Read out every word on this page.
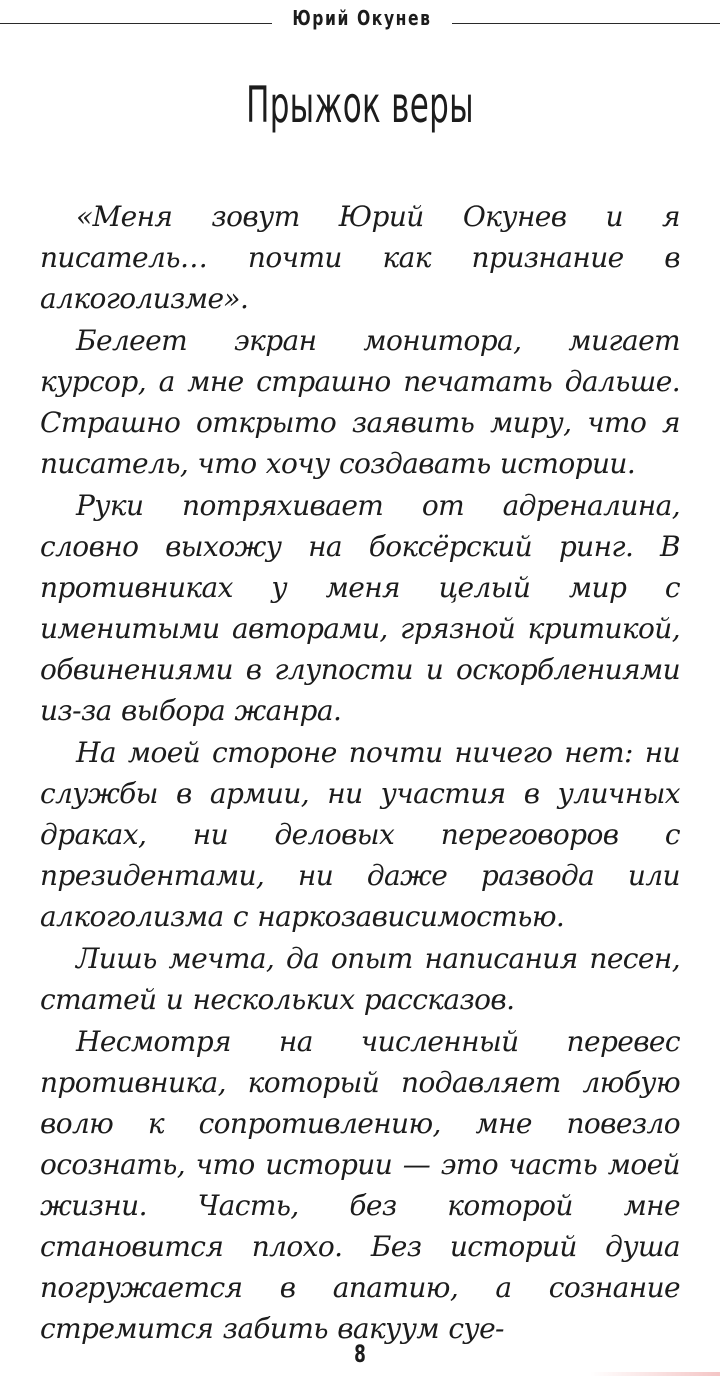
Юрий Окунев
Прыжок веры

«Меня зовут Юрий Окунев и я писатель… почти как признание в алкоголизме».

Белеет экран монитора, мигает курсор, а мне страшно печатать дальше. Страшно открыто заявить миру, что я писатель, что хочу создавать истории.

Руки потряхивает от адреналина, словно выхожу на боксёрский ринг. В противниках у меня целый мир с именитыми авторами, грязной критикой, обвинениями в глупости и оскорблениями из-за выбора жанра.

На моей стороне почти ничего нет: ни службы в армии, ни участия в уличных драках, ни деловых переговоров с президентами, ни даже развода или алкоголизма с наркозависимостью.

Лишь мечта, да опыт написания песен, статей и нескольких рассказов.

Несмотря на численный перевес противника, который подавляет любую волю к сопротивлению, мне повезло осознать, что истории — это часть моей жизни. Часть, без которой мне становится плохо. Без историй душа погружается в апатию, а сознание стремится забить вакуум суе-

8
